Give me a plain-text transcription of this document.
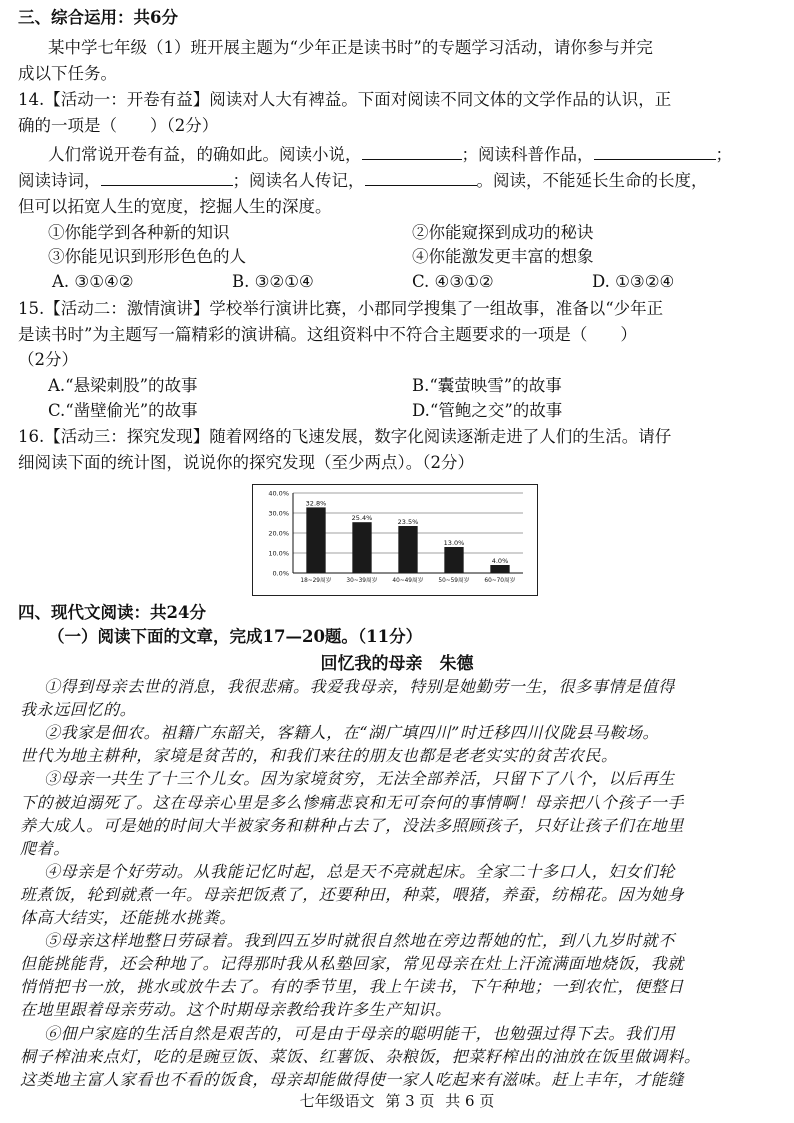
三、综合运用：共6分
某中学七年级（1）班开展主题为“少年正是读书时”的专题学习活动，请你参与并完
成以下任务。
14.【活动一：开卷有益】阅读对人大有裨益。下面对阅读不同文体的文学作品的认识，正
确的一项是（　　）（2分）
人们常说开卷有益，的确如此。阅读小说，	；阅读科普作品，	；
阅读诗词，	；阅读名人传记，	。阅读，不能延长生命的长度，
但可以拓宽人生的宽度，挖掘人生的深度。
①你能学到各种新的知识	②你能窥探到成功的秘诀
③你能见识到形形色色的人	④你能激发更丰富的想象
A. ③①④②	B. ③②①④	C. ④③①②	D. ①③②④
15.【活动二：激情演讲】学校举行演讲比赛，小郡同学搜集了一组故事，准备以“少年正
是读书时”为主题写一篇精彩的演讲稿。这组资料中不符合主题要求的一项是（　　）
（2分）
A.“悬梁刺股”的故事	B.“囊萤映雪”的故事
C.“凿壁偷光”的故事	D.“管鲍之交”的故事
16.【活动三：探究发现】随着网络的飞速发展，数字化阅读逐渐走进了人们的生活。请仔
细阅读下面的统计图，说说你的探究发现（至少两点）。（2分）
0.0%
10.0%
20.0%
30.0%
40.0%
32.8%
18~29周岁
25.4%
30~39周岁
23.5%
40~49周岁
13.0%
50~59周岁
4.0%
60~70周岁
四、现代文阅读：共24分
（一）阅读下面的文章，完成17—20题。（11分）
回忆我的母亲　朱德
①得到母亲去世的消息，我很悲痛。我爱我母亲，特别是她勤劳一生，很多事情是值得
我永远回忆的。
②我家是佃农。祖籍广东韶关，客籍人，在“湖广填四川”时迁移四川仪陇县马鞍场。
世代为地主耕种，家境是贫苦的，和我们来往的朋友也都是老老实实的贫苦农民。
③母亲一共生了十三个儿女。因为家境贫穷，无法全部养活，只留下了八个，以后再生
下的被迫溺死了。这在母亲心里是多么惨痛悲哀和无可奈何的事情啊！母亲把八个孩子一手
养大成人。可是她的时间大半被家务和耕种占去了，没法多照顾孩子，只好让孩子们在地里
爬着。
④母亲是个好劳动。从我能记忆时起，总是天不亮就起床。全家二十多口人，妇女们轮
班煮饭，轮到就煮一年。母亲把饭煮了，还要种田，种菜，喂猪，养蚕，纺棉花。因为她身
体高大结实，还能挑水挑粪。
⑤母亲这样地整日劳碌着。我到四五岁时就很自然地在旁边帮她的忙，到八九岁时就不
但能挑能背，还会种地了。记得那时我从私塾回家，常见母亲在灶上汗流满面地烧饭，我就
悄悄把书一放，挑水或放牛去了。有的季节里，我上午读书，下午种地；一到农忙，便整日
在地里跟着母亲劳动。这个时期母亲教给我许多生产知识。
⑥佃户家庭的生活自然是艰苦的，可是由于母亲的聪明能干，也勉强过得下去。我们用
桐子榨油来点灯，吃的是豌豆饭、菜饭、红薯饭、杂粮饭，把菜籽榨出的油放在饭里做调料。
这类地主富人家看也不看的饭食，母亲却能做得使一家人吃起来有滋味。赶上丰年，才能缝
七年级语文 第 3 页 共 6 页
